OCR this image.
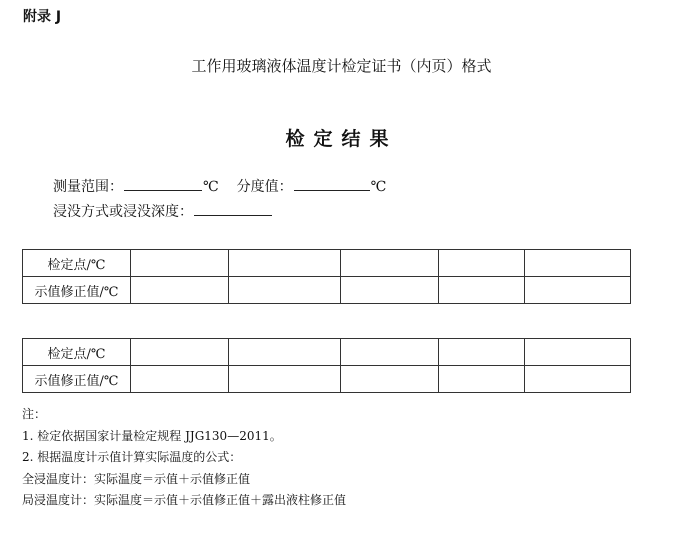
附录 J
工作用玻璃液体温度计检定证书（内页）格式
检定结果
测量范围：	℃ 分度值：	℃
浸没方式或浸没深度：
检定点/℃					
示值修正值/℃					
检定点/℃					
示值修正值/℃					
注：
1. 检定依据国家计量检定规程 JJG130—2011。
2. 根据温度计示值计算实际温度的公式：
全浸温度计：实际温度＝示值＋示值修正值
局浸温度计：实际温度＝示值＋示值修正值＋露出液柱修正值
